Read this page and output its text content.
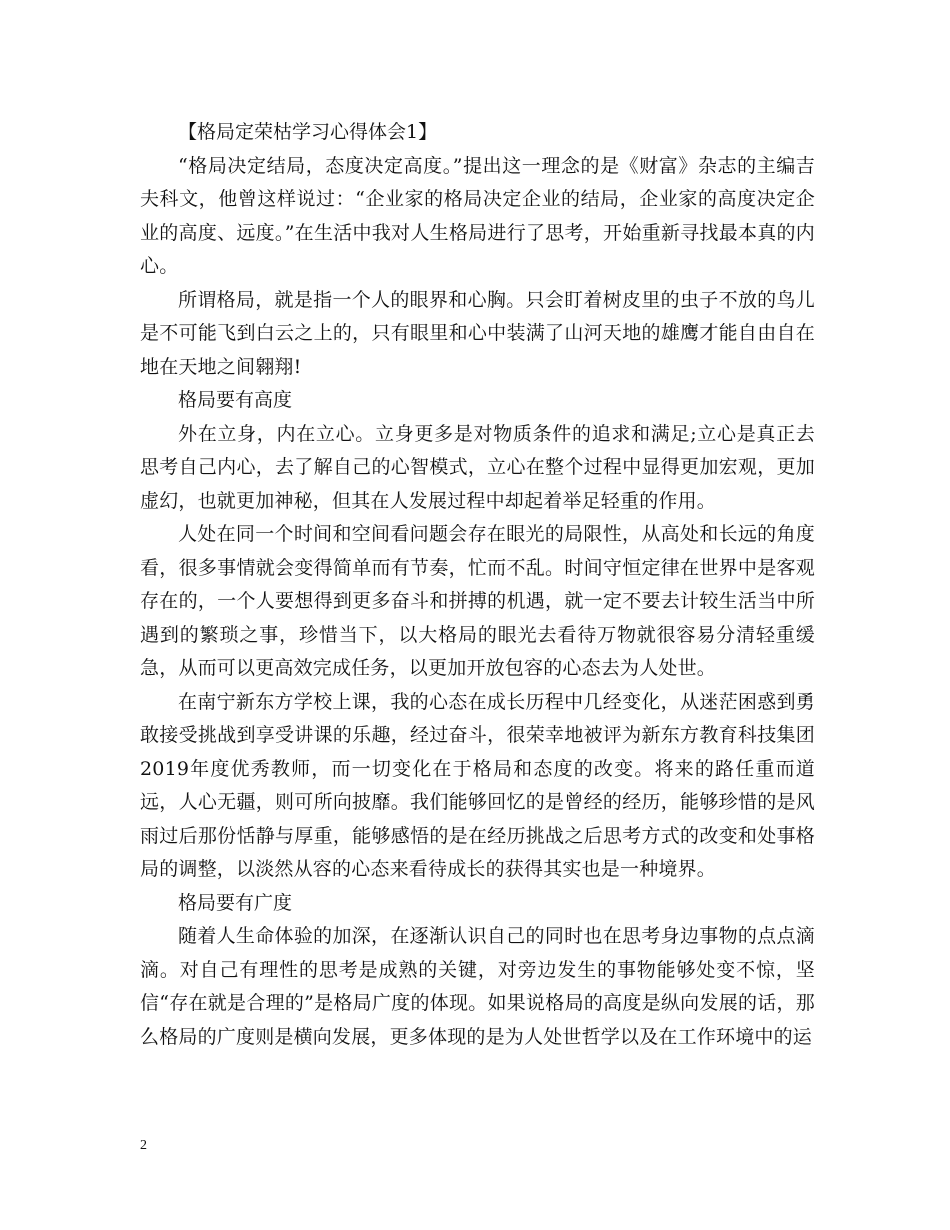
【格局定荣枯学习心得体会1】

“格局决定结局，态度决定高度。”提出这一理念的是《财富》杂志的主编吉夫科文，他曾这样说过：“企业家的格局决定企业的结局，企业家的高度决定企业的高度、远度。”在生活中我对人生格局进行了思考，开始重新寻找最本真的内心。

所谓格局，就是指一个人的眼界和心胸。只会盯着树皮里的虫子不放的鸟儿是不可能飞到白云之上的，只有眼里和心中装满了山河天地的雄鹰才能自由自在地在天地之间翱翔!

格局要有高度

外在立身，内在立心。立身更多是对物质条件的追求和满足;立心是真正去思考自己内心，去了解自己的心智模式，立心在整个过程中显得更加宏观，更加虚幻，也就更加神秘，但其在人发展过程中却起着举足轻重的作用。

人处在同一个时间和空间看问题会存在眼光的局限性，从高处和长远的角度看，很多事情就会变得简单而有节奏，忙而不乱。时间守恒定律在世界中是客观存在的，一个人要想得到更多奋斗和拼搏的机遇，就一定不要去计较生活当中所遇到的繁琐之事，珍惜当下，以大格局的眼光去看待万物就很容易分清轻重缓急，从而可以更高效完成任务，以更加开放包容的心态去为人处世。

在南宁新东方学校上课，我的心态在成长历程中几经变化，从迷茫困惑到勇敢接受挑战到享受讲课的乐趣，经过奋斗，很荣幸地被评为新东方教育科技集团2019年度优秀教师，而一切变化在于格局和态度的改变。将来的路任重而道远，人心无疆，则可所向披靡。我们能够回忆的是曾经的经历，能够珍惜的是风雨过后那份恬静与厚重，能够感悟的是在经历挑战之后思考方式的改变和处事格局的调整，以淡然从容的心态来看待成长的获得其实也是一种境界。

格局要有广度

随着人生命体验的加深，在逐渐认识自己的同时也在思考身边事物的点点滴滴。对自己有理性的思考是成熟的关键，对旁边发生的事物能够处变不惊，坚信“存在就是合理的”是格局广度的体现。如果说格局的高度是纵向发展的话，那么格局的广度则是横向发展，更多体现的是为人处世哲学以及在工作环境中的运

2
